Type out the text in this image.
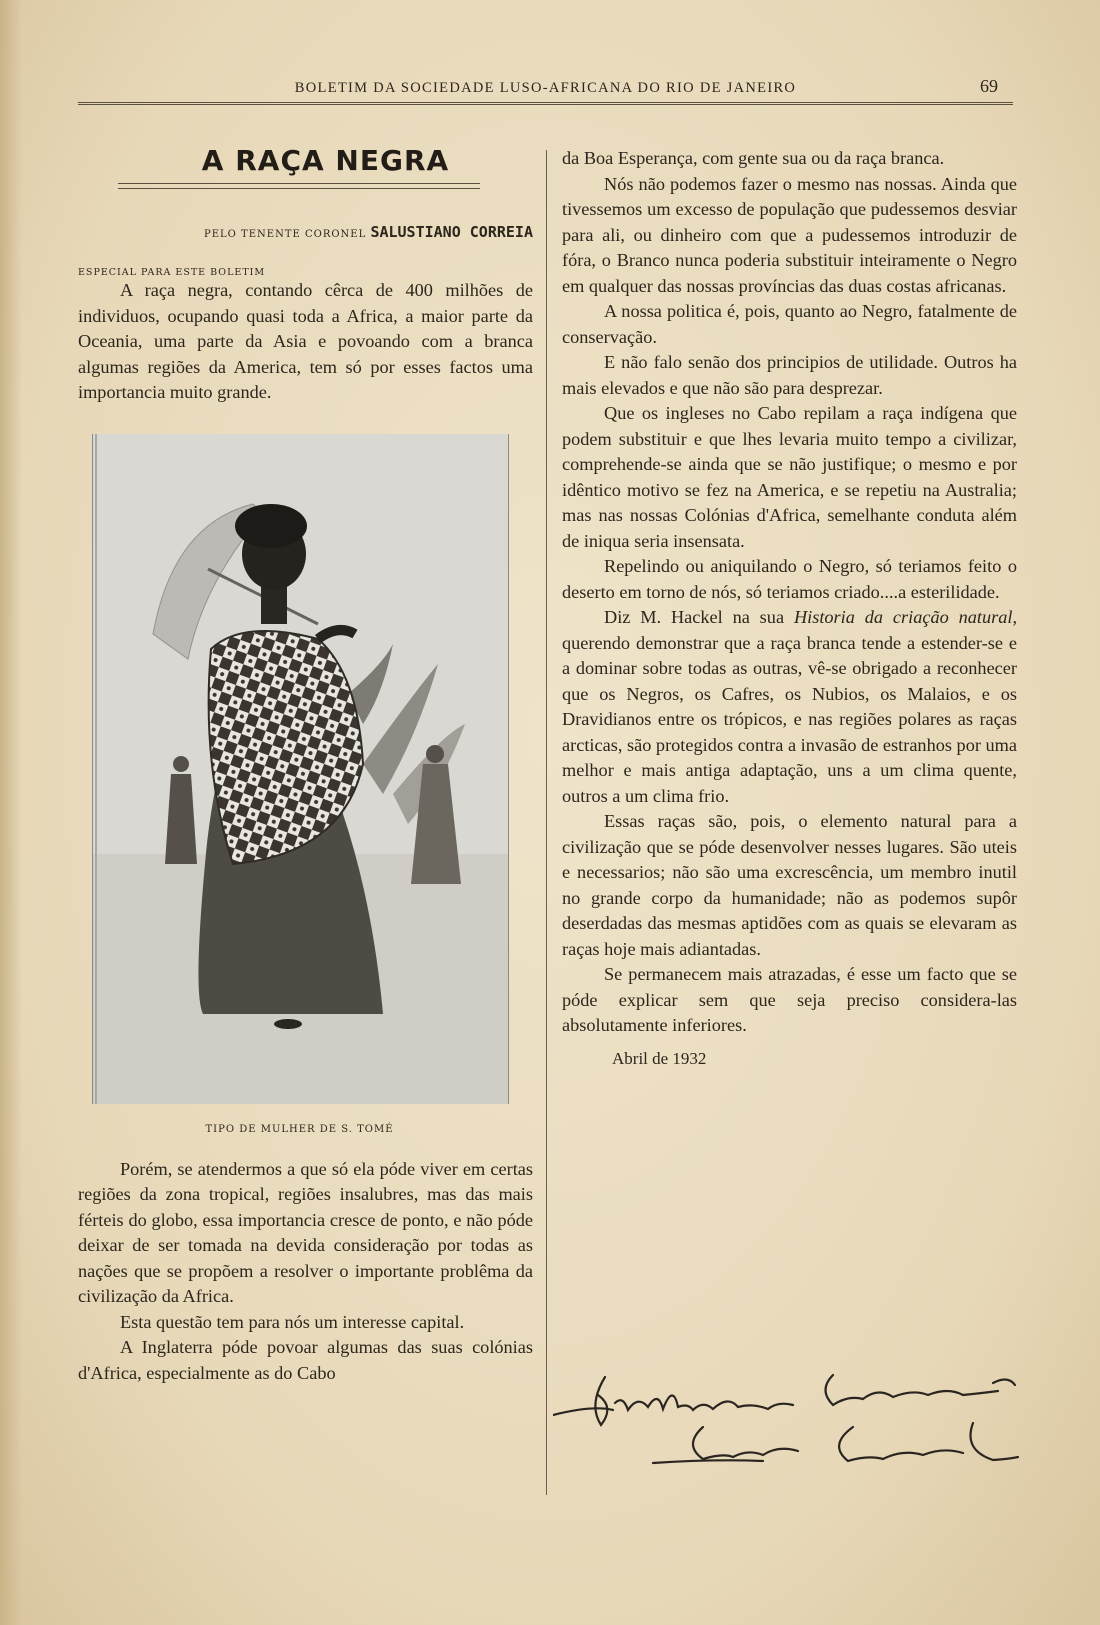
BOLETIM DA SOCIEDADE LUSO-AFRICANA DO RIO DE JANEIRO	69
A RAÇA NEGRA
PELO TENENTE CORONEL SALUSTIANO CORREIA
ESPECIAL PARA ESTE BOLETIM

A raça negra, contando cêrca de 400 milhões de individuos, ocupando quasi toda a Africa, a maior parte da Oceania, uma parte da Asia e povoando com a branca algumas regiões da America, tem só por esses factos uma importancia muito grande.

TIPO DE MULHER DE S. TOMÉ

Porém, se atendermos a que só ela póde viver em certas regiões da zona tropical, regiões insalubres, mas das mais férteis do globo, essa importancia cresce de ponto, e não póde deixar de ser tomada na devida consideração por todas as nações que se propõem a resolver o importante problêma da civilização da Africa.

Esta questão tem para nós um interesse capital.

A Inglaterra póde povoar algumas das suas colónias d'Africa, especialmente as do Cabo

da Boa Esperança, com gente sua ou da raça branca.

Nós não podemos fazer o mesmo nas nossas. Ainda que tivessemos um excesso de população que pudessemos desviar para ali, ou dinheiro com que a pudessemos introduzir de fóra, o Branco nunca poderia substituir inteiramente o Negro em qualquer das nossas províncias das duas costas africanas.

A nossa politica é, pois, quanto ao Negro, fatalmente de conservação.

E não falo senão dos principios de utilidade. Outros ha mais elevados e que não são para desprezar.

Que os ingleses no Cabo repilam a raça indígena que podem substituir e que lhes levaria muito tempo a civilizar, comprehende-se ainda que se não justifique; o mesmo e por idêntico motivo se fez na America, e se repetiu na Australia; mas nas nossas Colónias d'Africa, semelhante conduta além de iniqua seria insensata.

Repelindo ou aniquilando o Negro, só teriamos feito o deserto em torno de nós, só teriamos criado....a esterilidade.

Diz M. Hackel na sua Historia da criação natural, querendo demonstrar que a raça branca tende a estender-se e a dominar sobre todas as outras, vê-se obrigado a reconhecer que os Negros, os Cafres, os Nubios, os Malaios, e os Dravidianos entre os trópicos, e nas regiões polares as raças arcticas, são protegidos contra a invasão de estranhos por uma melhor e mais antiga adaptação, uns a um clima quente, outros a um clima frio.

Essas raças são, pois, o elemento natural para a civilização que se póde desenvolver nesses lugares. São uteis e necessarios; não são uma excrescência, um membro inutil no grande corpo da humanidade; não as podemos supôr deserdadas das mesmas aptidões com as quais se elevaram as raças hoje mais adiantadas.

Se permanecem mais atrazadas, é esse um facto que se póde explicar sem que seja preciso considera-las absolutamente inferiores.

Abril de 1932
